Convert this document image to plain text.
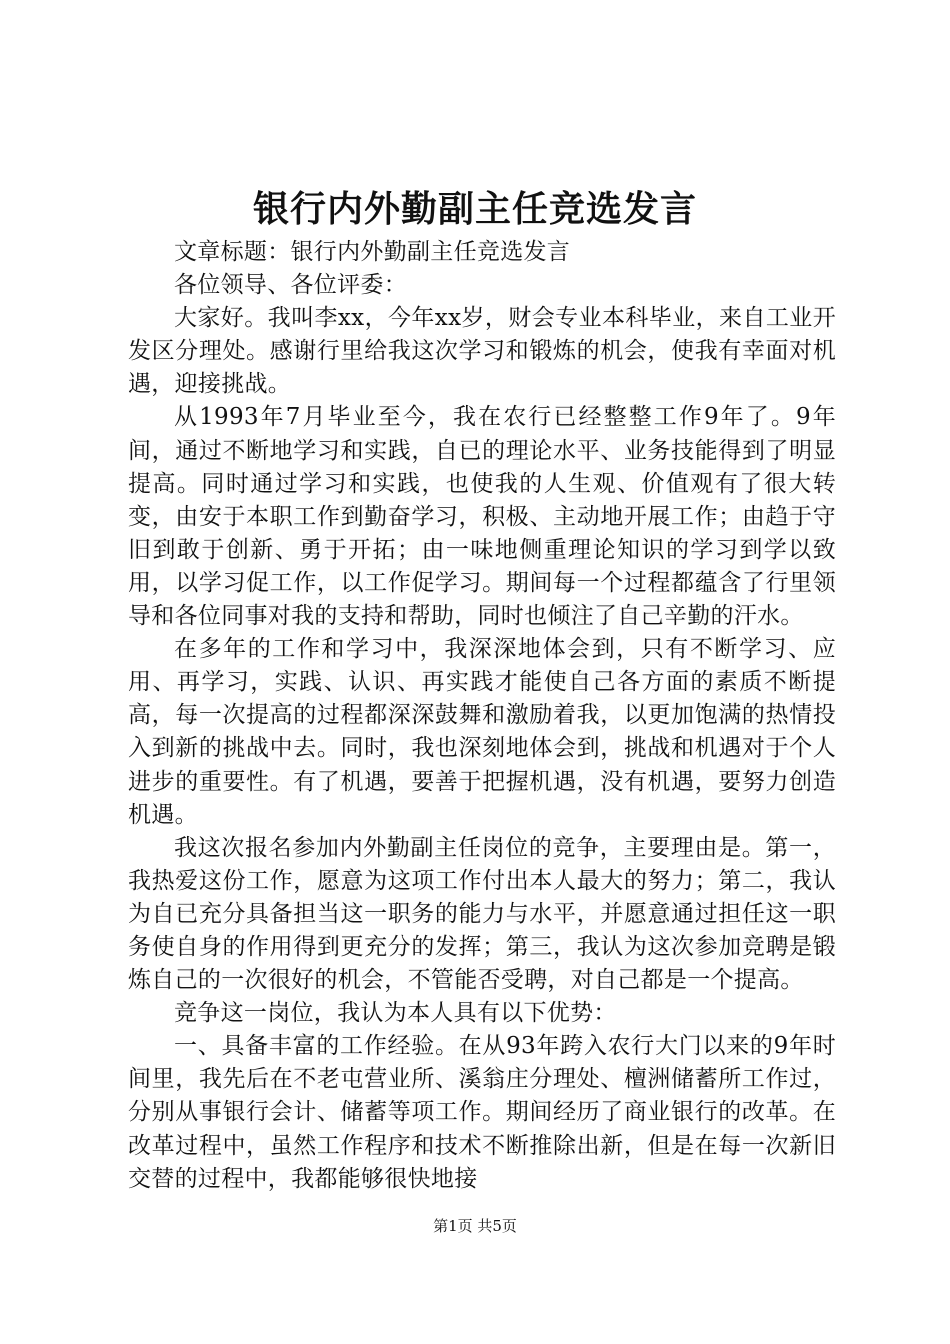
银行内外勤副主任竞选发言

文章标题：银行内外勤副主任竞选发言

各位领导、各位评委：

大家好。我叫李xx，今年xx岁，财会专业本科毕业，来自工业开发区分理处。感谢行里给我这次学习和锻炼的机会，使我有幸面对机遇，迎接挑战。

从1993年7月毕业至今，我在农行已经整整工作9年了。9年间，通过不断地学习和实践，自已的理论水平、业务技能得到了明显提高。同时通过学习和实践，也使我的人生观、价值观有了很大转变，由安于本职工作到勤奋学习，积极、主动地开展工作；由趋于守旧到敢于创新、勇于开拓；由一味地侧重理论知识的学习到学以致用，以学习促工作，以工作促学习。期间每一个过程都蕴含了行里领导和各位同事对我的支持和帮助，同时也倾注了自己辛勤的汗水。

在多年的工作和学习中，我深深地体会到，只有不断学习、应用、再学习，实践、认识、再实践才能使自己各方面的素质不断提高，每一次提高的过程都深深鼓舞和激励着我，以更加饱满的热情投入到新的挑战中去。同时，我也深刻地体会到，挑战和机遇对于个人进步的重要性。有了机遇，要善于把握机遇，没有机遇，要努力创造机遇。

我这次报名参加内外勤副主任岗位的竞争，主要理由是。第一，我热爱这份工作，愿意为这项工作付出本人最大的努力；第二，我认为自已充分具备担当这一职务的能力与水平，并愿意通过担任这一职务使自身的作用得到更充分的发挥；第三，我认为这次参加竞聘是锻炼自己的一次很好的机会，不管能否受聘，对自己都是一个提高。

竞争这一岗位，我认为本人具有以下优势：

一、具备丰富的工作经验。在从93年跨入农行大门以来的9年时间里，我先后在不老屯营业所、溪翁庄分理处、檀洲储蓄所工作过，分别从事银行会计、储蓄等项工作。期间经历了商业银行的改革。在改革过程中，虽然工作程序和技术不断推除出新，但是在每一次新旧交替的过程中，我都能够很快地接

第1页 共5页
